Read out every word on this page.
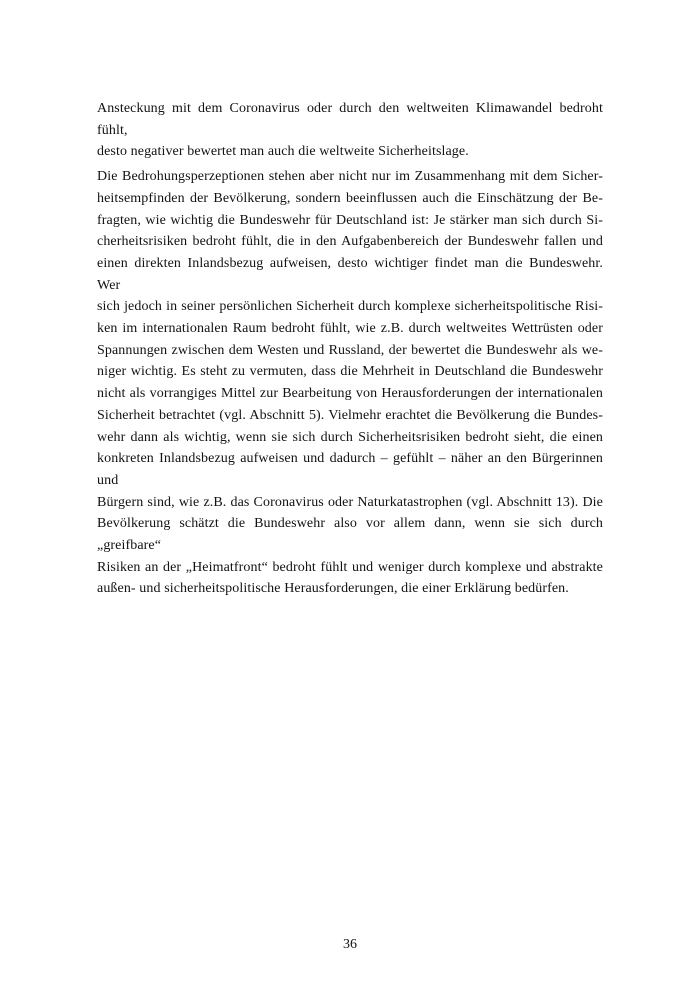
Ansteckung mit dem Coronavirus oder durch den weltweiten Klimawandel bedroht fühlt,
desto negativer bewertet man auch die weltweite Sicherheitslage.
Die Bedrohungsperzeptionen stehen aber nicht nur im Zusammenhang mit dem Sicher-
heitsempfinden der Bevölkerung, sondern beeinflussen auch die Einschätzung der Be-
fragten, wie wichtig die Bundeswehr für Deutschland ist: Je stärker man sich durch Si-
cherheitsrisiken bedroht fühlt, die in den Aufgabenbereich der Bundeswehr fallen und
einen direkten Inlandsbezug aufweisen, desto wichtiger findet man die Bundeswehr. Wer
sich jedoch in seiner persönlichen Sicherheit durch komplexe sicherheitspolitische Risi-
ken im internationalen Raum bedroht fühlt, wie z.B. durch weltweites Wettrüsten oder
Spannungen zwischen dem Westen und Russland, der bewertet die Bundeswehr als we-
niger wichtig. Es steht zu vermuten, dass die Mehrheit in Deutschland die Bundeswehr
nicht als vorrangiges Mittel zur Bearbeitung von Herausforderungen der internationalen
Sicherheit betrachtet (vgl. Abschnitt 5). Vielmehr erachtet die Bevölkerung die Bundes-
wehr dann als wichtig, wenn sie sich durch Sicherheitsrisiken bedroht sieht, die einen
konkreten Inlandsbezug aufweisen und dadurch – gefühlt – näher an den Bürgerinnen und
Bürgern sind, wie z.B. das Coronavirus oder Naturkatastrophen (vgl. Abschnitt 13). Die
Bevölkerung schätzt die Bundeswehr also vor allem dann, wenn sie sich durch „greifbare“
Risiken an der „Heimatfront“ bedroht fühlt und weniger durch komplexe und abstrakte
außen- und sicherheitspolitische Herausforderungen, die einer Erklärung bedürfen.
36
